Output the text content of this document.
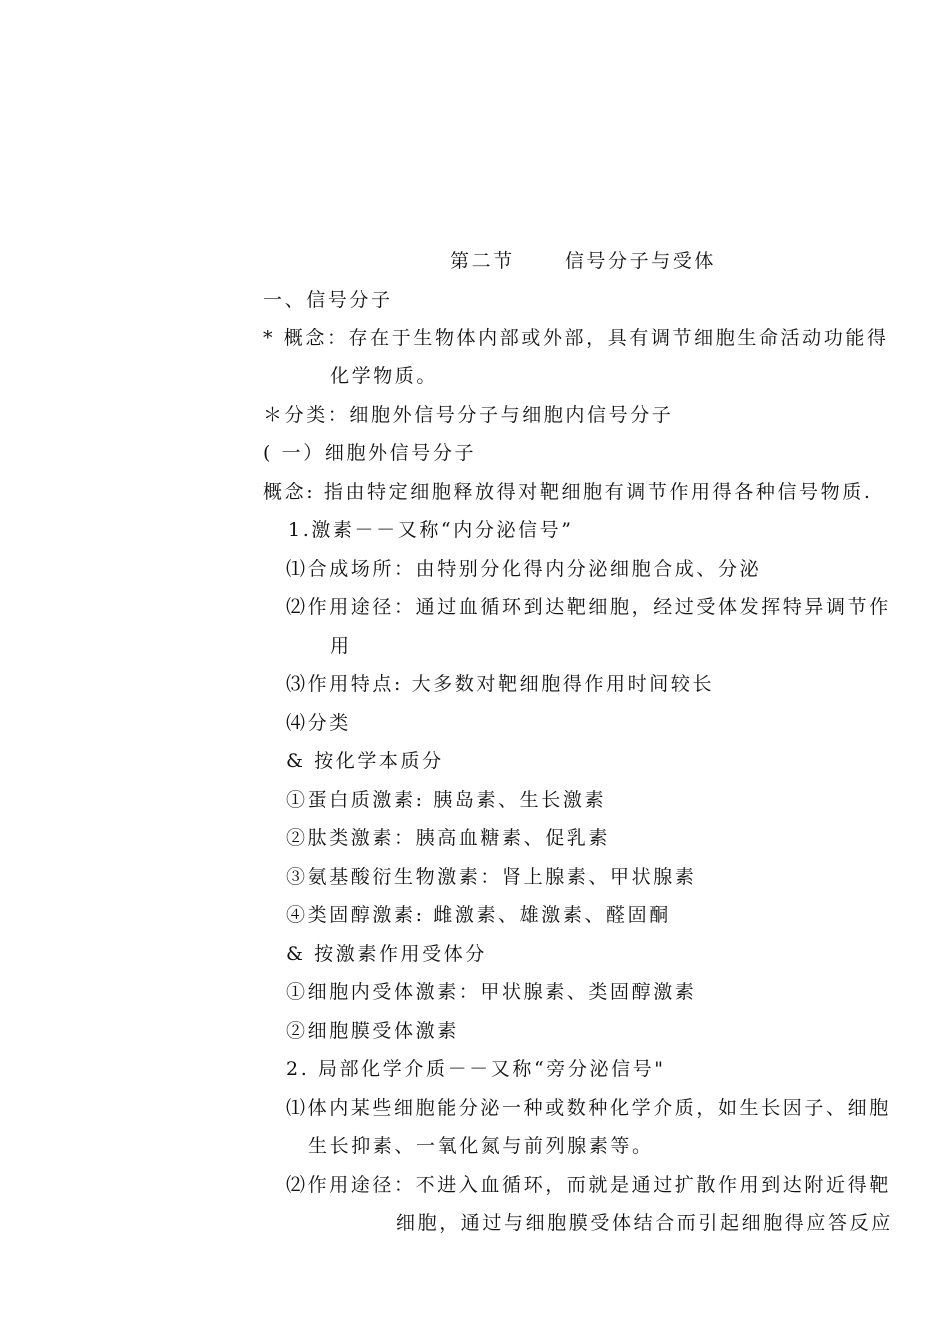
第二节	信号分子与受体
一、信号分子
* 概念：存在于生物体内部或外部，具有调节细胞生命活动功能得
化学物质。
＊分类：细胞外信号分子与细胞内信号分子
( 一）细胞外信号分子
概念: 指由特定细胞释放得对靶细胞有调节作用得各种信号物质.
1.激素－－又称“内分泌信号”
⑴合成场所：由特别分化得内分泌细胞合成、分泌
⑵作用途径：通过血循环到达靶细胞，经过受体发挥特异调节作
用
⑶作用特点: 大多数对靶细胞得作用时间较长
⑷分类
& 按化学本质分
①蛋白质激素: 胰岛素、生长激素
②肽类激素：胰高血糖素、促乳素
③氨基酸衍生物激素：肾上腺素、甲状腺素
④类固醇激素: 雌激素、雄激素、醛固酮
& 按激素作用受体分
①细胞内受体激素：甲状腺素、类固醇激素
②细胞膜受体激素
2. 局部化学介质－－又称“旁分泌信号"
⑴体内某些细胞能分泌一种或数种化学介质，如生长因子、细胞
生长抑素、一氧化氮与前列腺素等。
⑵作用途径：不进入血循环，而就是通过扩散作用到达附近得靶
细胞，通过与细胞膜受体结合而引起细胞得应答反应
